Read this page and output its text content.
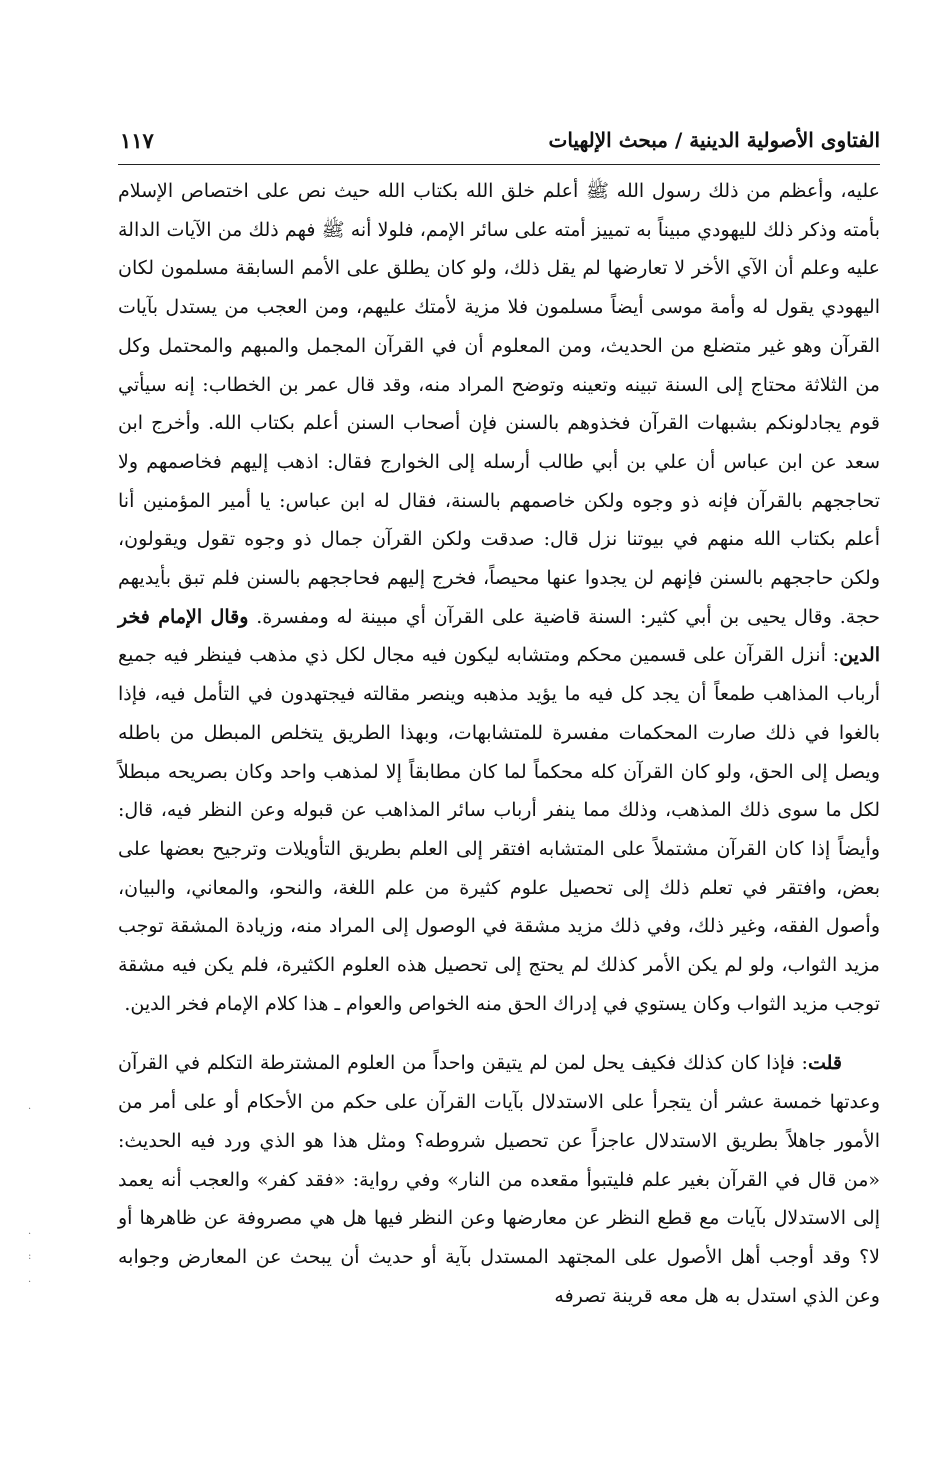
الفتاوى الأصولية الدينية / مبحث الإلهيات
١١٧

عليه، وأعظم من ذلك رسول الله ﷺ أعلم خلق الله بكتاب الله حيث نص على اختصاص الإسلام بأمته وذكر ذلك لليهودي مبيناً به تمييز أمته على سائر الإمم، فلولا أنه ﷺ فهم ذلك من الآيات الدالة عليه وعلم أن الآي الأخر لا تعارضها لم يقل ذلك، ولو كان يطلق على الأمم السابقة مسلمون لكان اليهودي يقول له وأمة موسى أيضاً مسلمون فلا مزية لأمتك عليهم، ومن العجب من يستدل بآيات القرآن وهو غير متضلع من الحديث، ومن المعلوم أن في القرآن المجمل والمبهم والمحتمل وكل من الثلاثة محتاج إلى السنة تبينه وتعينه وتوضح المراد منه، وقد قال عمر بن الخطاب: إنه سيأتي قوم يجادلونكم بشبهات القرآن فخذوهم بالسنن فإن أصحاب السنن أعلم بكتاب الله. وأخرج ابن سعد عن ابن عباس أن علي بن أبي طالب أرسله إلى الخوارج فقال: اذهب إليهم فخاصمهم ولا تحاججهم بالقرآن فإنه ذو وجوه ولكن خاصمهم بالسنة، فقال له ابن عباس: يا أمير المؤمنين أنا أعلم بكتاب الله منهم في بيوتنا نزل قال: صدقت ولكن القرآن جمال ذو وجوه تقول ويقولون، ولكن حاججهم بالسنن فإنهم لن يجدوا عنها محيصاً، فخرج إليهم فحاججهم بالسنن فلم تبق بأيديهم حجة. وقال يحيى بن أبي كثير: السنة قاضية على القرآن أي مبينة له ومفسرة. وقال الإمام فخر الدين: أنزل القرآن على قسمين محكم ومتشابه ليكون فيه مجال لكل ذي مذهب فينظر فيه جميع أرباب المذاهب طمعاً أن يجد كل فيه ما يؤيد مذهبه وينصر مقالته فيجتهدون في التأمل فيه، فإذا بالغوا في ذلك صارت المحكمات مفسرة للمتشابهات، وبهذا الطريق يتخلص المبطل من باطله ويصل إلى الحق، ولو كان القرآن كله محكماً لما كان مطابقاً إلا لمذهب واحد وكان بصريحه مبطلاً لكل ما سوى ذلك المذهب، وذلك مما ينفر أرباب سائر المذاهب عن قبوله وعن النظر فيه، قال: وأيضاً إذا كان القرآن مشتملاً على المتشابه افتقر إلى العلم بطريق التأويلات وترجيح بعضها على بعض، وافتقر في تعلم ذلك إلى تحصيل علوم كثيرة من علم اللغة، والنحو، والمعاني، والبيان، وأصول الفقه، وغير ذلك، وفي ذلك مزيد مشقة في الوصول إلى المراد منه، وزيادة المشقة توجب مزيد الثواب، ولو لم يكن الأمر كذلك لم يحتج إلى تحصيل هذه العلوم الكثيرة، فلم يكن فيه مشقة توجب مزيد الثواب وكان يستوي في إدراك الحق منه الخواص والعوام ـ هذا كلام الإمام فخر الدين.

  قلت: فإذا كان كذلك فكيف يحل لمن لم يتيقن واحداً من العلوم المشترطة التكلم في القرآن وعدتها خمسة عشر أن يتجرأ على الاستدلال بآيات القرآن على حكم من الأحكام أو على أمر من الأمور جاهلاً بطريق الاستدلال عاجزاً عن تحصيل شروطه؟ ومثل هذا هو الذي ورد فيه الحديث: «من قال في القرآن بغير علم فليتبوأ مقعده من النار» وفي رواية: «فقد كفر» والعجب أنه يعمد إلى الاستدلال بآيات مع قطع النظر عن معارضها وعن النظر فيها هل هي مصروفة عن ظاهرها أو لا؟ وقد أوجب أهل الأصول على المجتهد المستدل بآية أو حديث أن يبحث عن المعارض وجوابه وعن الذي استدل به هل معه قرينة تصرفه

·
·
:
·
